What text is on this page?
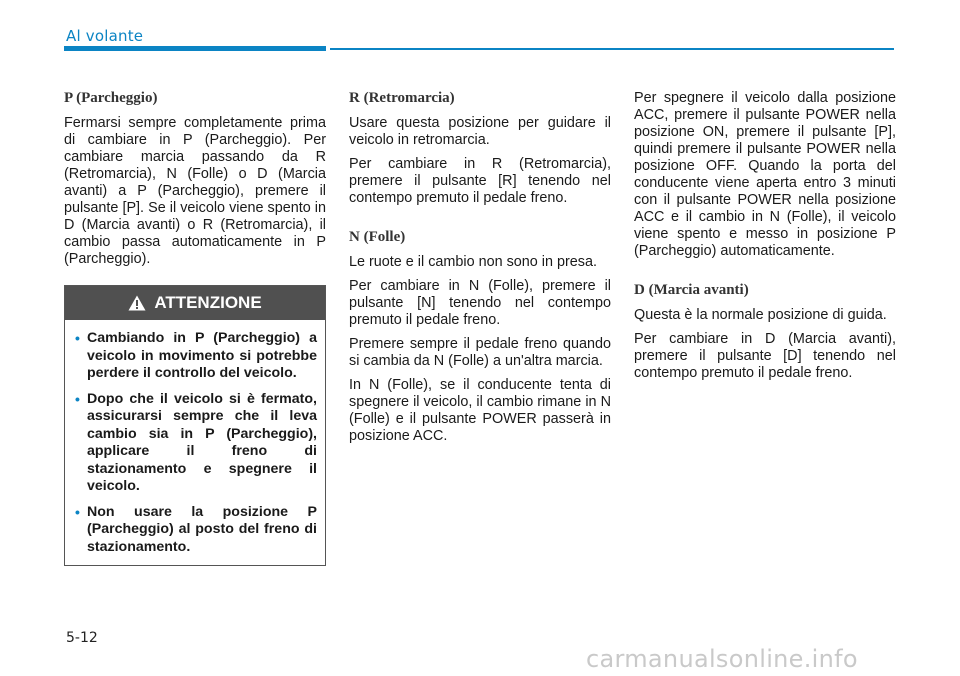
Al volante
P (Parcheggio)

Fermarsi sempre completamente prima di cambiare in P (Parcheggio). Per cambiare marcia passando da R (Retromarcia), N (Folle) o D (Marcia avanti) a P (Parcheggio), premere il pulsante [P]. Se il veicolo viene spento in D (Marcia avanti) o R (Retromarcia), il cambio passa automaticamente in P (Parcheggio).

ATTENZIONE
• Cambiando in P (Parcheggio) a veicolo in movimento si potrebbe perdere il controllo del veicolo.
• Dopo che il veicolo si è fermato, assicurarsi sempre che il leva cambio sia in P (Parcheggio), applicare il freno di stazionamento e spegnere il veicolo.
• Non usare la posizione P (Parcheggio) al posto del freno di stazionamento.
R (Retromarcia)

Usare questa posizione per guidare il veicolo in retromarcia.

Per cambiare in R (Retromarcia), premere il pulsante [R] tenendo nel contempo premuto il pedale freno.

N (Folle)

Le ruote e il cambio non sono in presa.

Per cambiare in N (Folle), premere il pulsante [N] tenendo nel contempo premuto il pedale freno.

Premere sempre il pedale freno quando si cambia da N (Folle) a un'altra marcia.

In N (Folle), se il conducente tenta di spegnere il veicolo, il cambio rimane in N (Folle) e il pulsante POWER passerà in posizione ACC.

Per spegnere il veicolo dalla posizione ACC, premere il pulsante POWER nella posizione ON, premere il pulsante [P], quindi premere il pulsante POWER nella posizione OFF. Quando la porta del conducente viene aperta entro 3 minuti con il pulsante POWER nella posizione ACC e il cambio in N (Folle), il veicolo viene spento e messo in posizione P (Parcheggio) automaticamente.

D (Marcia avanti)

Questa è la normale posizione di guida.

Per cambiare in D (Marcia avanti), premere il pulsante [D] tenendo nel contempo premuto il pedale freno.

5-12
carmanualsonline.info
